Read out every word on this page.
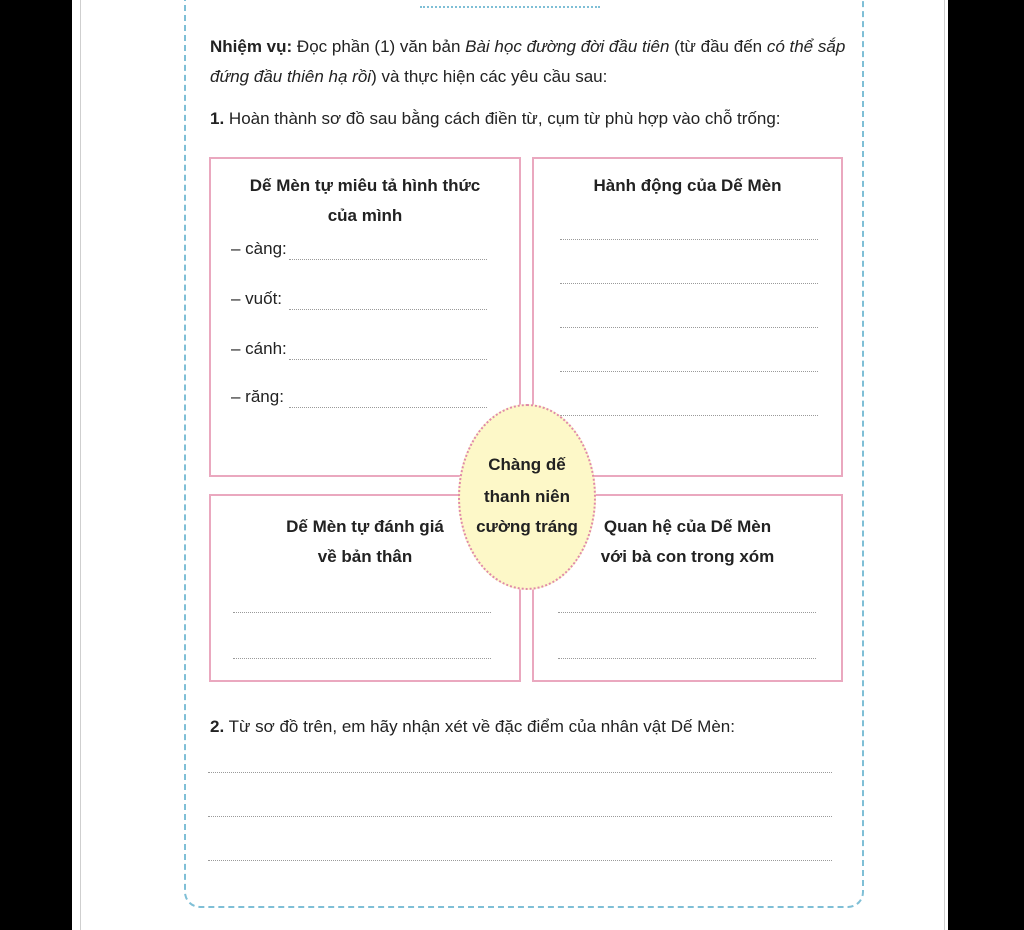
Nhiệm vụ: Đọc phần (1) văn bản Bài học đường đời đầu tiên (từ đầu đến có thể sắp
đứng đầu thiên hạ rồi) và thực hiện các yêu cầu sau:
1. Hoàn thành sơ đồ sau bằng cách điền từ, cụm từ phù hợp vào chỗ trống:
Dế Mèn tự miêu tả hình thức
của mình
– càng:
– vuốt:
– cánh:
– răng:
Hành động của Dế Mèn
Dế Mèn tự đánh giá
về bản thân
Quan hệ của Dế Mèn
với bà con trong xóm
Chàng dế
thanh niên
cường tráng
2. Từ sơ đồ trên, em hãy nhận xét về đặc điểm của nhân vật Dế Mèn:
